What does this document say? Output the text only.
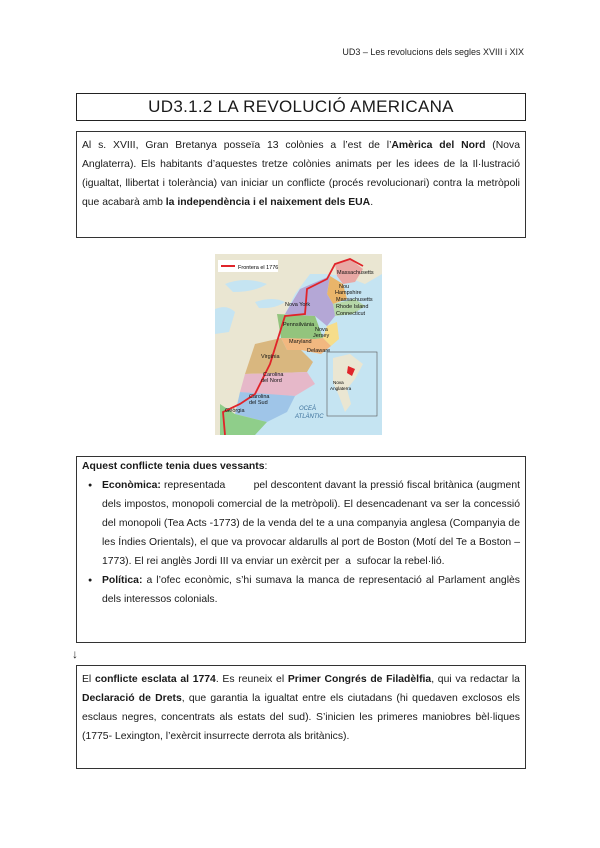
UD3 – Les revolucions dels segles XVIII i XIX
UD3.1.2 LA REVOLUCIÓ AMERICANA

Al s. XVIII, Gran Bretanya posseïa 13 colònies a l’est de l’Amèrica del Nord (Nova Anglaterra). Els habitants d’aquestes tretze colònies animats per les idees de la Il·lustració (igualtat, llibertat i tolerància) van iniciar un conflicte (procés revolucionari) contra la metròpoli que acabarà amb la independència i el naixement dels EUA.

Frontera el 1776
Nova
Anglaterra
Massachusetts
Nou
Hampshire
Massachusetts
Rhode Island
Connecticut
Nova York
Pennsilvània
Nova
Jersey
Delaware
Maryland
Virgínia
Carolina
del Nord
Carolina
del Sud
Geòrgia	OCEÀ
ATLÀNTIC

Aquest conflicte tenia dues vessants:

● Econòmica: representada         pel descontent davant la pressió fiscal britànica (augment dels impostos, monopoli comercial de la metròpoli). El desencadenant va ser la concessió del monopoli (Tea Acts -1773) de la venda del te a una companyia anglesa (Companyia de les Índies Orientals), el que va provocar aldarulls al port de Boston (Motí del Te a Boston – 1773). El rei anglès Jordi III va enviar un exèrcit per  a  sufocar la rebel·lió.
● Política: a l’ofec econòmic, s’hi sumava la manca de representació al Parlament anglès dels interessos colonials.
↓

El conflicte esclata al 1774. Es reuneix el Primer Congrés de Filadèlfia, qui va redactar la Declaració de Drets, que garantia la igualtat entre els ciutadans (hi quedaven exclosos els esclaus negres, concentrats als estats del sud). S’inicien les primeres maniobres bèl·liques (1775- Lexington, l’exèrcit insurrecte derrota als britànics).
